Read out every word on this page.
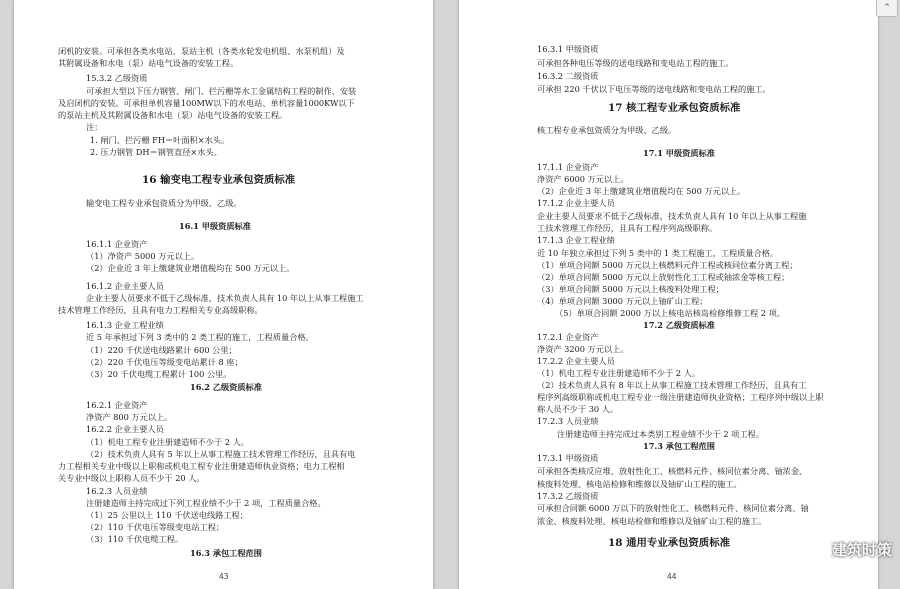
闭机的安装。可承担各类水电站、泵站主机（各类水轮发电机组、水泵机组）及
其附属设备和水电（泵）站电气设备的安装工程。
15.3.2 乙级资质
可承担大型以下压力钢管、闸门、拦污栅等水工金属结构工程的制作、安装
及启闭机的安装。可承担单机容量100MW以下的水电站、单机容量1000KW以下
的泵站主机及其附属设备和水电（泵）站电气设备的安装工程。
注：
1. 闸门、拦污栅 FH＝叶面积×水头。
2. 压力钢管 DH＝钢管直径×水头。
16 输变电工程专业承包资质标准
输变电工程专业承包资质分为甲级、乙级。
16.1 甲级资质标准
16.1.1 企业资产
（1）净资产 5000 万元以上。
（2）企业近 3 年上缴建筑业增值税均在 500 万元以上。
16.1.2 企业主要人员
企业主要人员要求不低于乙级标准，技术负责人具有 10 年以上从事工程施工
技术管理工作经历，且具有电力工程相关专业高级职称。
16.1.3 企业工程业绩
近 5 年承担过下列 3 类中的 2 类工程的施工，工程质量合格。
（1）220 千伏送电线路累计 600 公里；
（2）220 千伏电压等级变电站累计 8 座；
（3）20 千伏电缆工程累计 100 公里。
16.2 乙级资质标准
16.2.1 企业资产
净资产 800 万元以上。
16.2.2 企业主要人员
（1）机电工程专业注册建造师不少于 2 人。
（2）技术负责人具有 5 年以上从事工程施工技术管理工作经历，且具有电
力工程相关专业中级以上职称或机电工程专业注册建造师执业资格；电力工程相
关专业中级以上职称人员不少于 20 人。
16.2.3 人员业绩
注册建造师主持完成过下列工程业绩不少于 2 项，工程质量合格。
（1）25 公里以上 110 千伏送电线路工程；
（2）110 千伏电压等级变电站工程；
（3）110 千伏电缆工程。
16.3 承包工程范围
43
16.3.1 甲级资质
可承担各种电压等级的送电线路和变电站工程的施工。
16.3.2 二级资质
可承担 220 千伏以下电压等级的送电线路和变电站工程的施工。
17 核工程专业承包资质标准
核工程专业承包资质分为甲级、乙级。
17.1 甲级资质标准
17.1.1 企业资产
净资产 6000 万元以上。
（2）企业近 3 年上缴建筑业增值税均在 500 万元以上。
17.1.2 企业主要人员
企业主要人员要求不低于乙级标准，技术负责人具有 10 年以上从事工程施
工技术管理工作经历，且具有工程序列高级职称。
17.1.3 企业工程业绩
近 10 年独立承担过下列 5 类中的 1 类工程施工，工程质量合格。
（1）单项合同额 5000 万元以上核燃料元件工程或核同位素分离工程；
（2）单项合同额 5000 万元以上放射性化工工程或铀浓金等核工程；
（3）单项合同额 5000 万元以上核废料处理工程；
（4）单项合同额 3000 万元以上铀矿山工程；
（5）单项合同额 2000 万以上核电站核岛检修维修工程 2 项。
17.2 乙级资质标准
17.2.1 企业资产
净资产 3200 万元以上。
17.2.2 企业主要人员
（1）机电工程专业注册建造师不少于 2 人。
（2）技术负责人具有 8 年以上从事工程施工技术管理工作经历，且具有工
程序列高级职称或机电工程专业一级注册建造师执业资格；工程序列中级以上职
称人员不少于 30 人。
17.2.3 人员业绩
注册建造师主持完成过本类别工程业绩不少于 2 项工程。
17.3 承包工程范围
17.3.1 甲级资质
可承担各类核反应堆、放射性化工、核燃料元件、核同位素分离、铀浓金、
核废料处理、核电站检修和维修以及铀矿山工程的施工。
17.3.2 乙级资质
可承担合同额 6000 万以下的放射性化工、核燃料元件、核同位素分离、铀
浓金、核废料处理、核电站检修和维修以及铀矿山工程的施工。
18 通用专业承包资质标准
44
⌃
建筑时策
